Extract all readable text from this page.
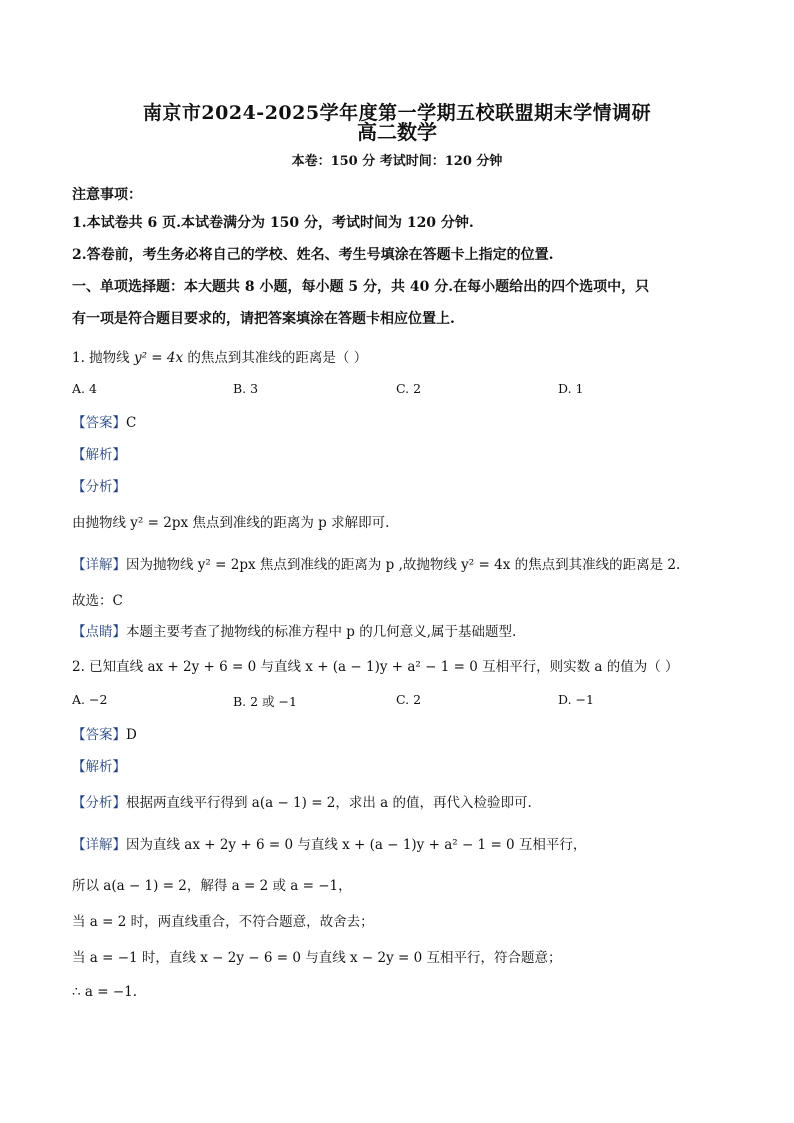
南京市2024-2025学年度第一学期五校联盟期末学情调研
高二数学
本卷：150 分 考试时间：120 分钟
注意事项：
1.本试卷共 6 页.本试卷满分为 150 分，考试时间为 120 分钟.
2.答卷前，考生务必将自己的学校、姓名、考生号填涂在答题卡上指定的位置.
一、单项选择题：本大题共 8 小题，每小题 5 分，共 40 分.在每小题给出的四个选项中，只
有一项是符合题目要求的，请把答案填涂在答题卡相应位置上.
1. 抛物线 y² = 4x 的焦点到其准线的距离是（ ）
A. 4	B. 3	C. 2	D. 1
【答案】C
【解析】
【分析】
由抛物线 y² = 2px 焦点到准线的距离为 p 求解即可.
【详解】因为抛物线 y² = 2px 焦点到准线的距离为 p ,故抛物线 y² = 4x 的焦点到其准线的距离是 2.
故选：C
【点睛】本题主要考查了抛物线的标准方程中 p 的几何意义,属于基础题型.
2. 已知直线 ax + 2y + 6 = 0 与直线 x + (a − 1)y + a² − 1 = 0 互相平行，则实数 a 的值为（ ）
A. −2	B. 2 或 −1	C. 2	D. −1
【答案】D
【解析】
【分析】根据两直线平行得到 a(a − 1) = 2，求出 a 的值，再代入检验即可.
【详解】因为直线 ax + 2y + 6 = 0 与直线 x + (a − 1)y + a² − 1 = 0 互相平行，
所以 a(a − 1) = 2，解得 a = 2 或 a = −1，
当 a = 2 时，两直线重合，不符合题意，故舍去；
当 a = −1 时，直线 x − 2y − 6 = 0 与直线 x − 2y = 0 互相平行，符合题意；
∴ a = −1.
